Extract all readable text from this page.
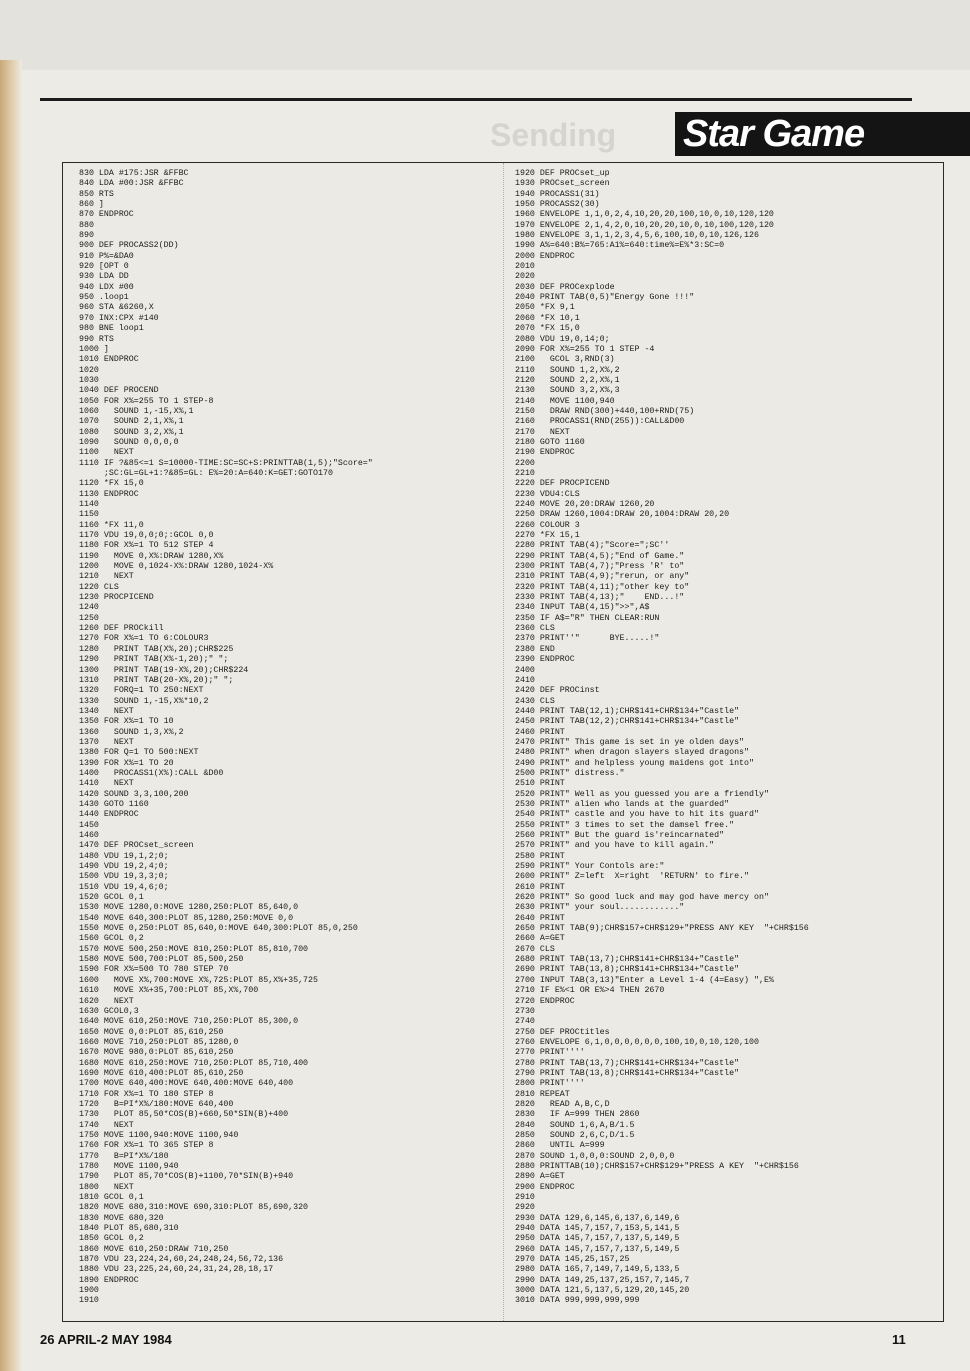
Sending	Star Game
830 LDA #175:JSR &FFBC
840 LDA #00:JSR &FFBC
850 RTS
860 ]
870 ENDPROC
880
890
900 DEF PROCASS2(DD)
910 P%=&DA0
920 [OPT 0
930 LDA DD
940 LDX #00
950 .loop1
960 STA &6260,X
970 INX:CPX #140
980 BNE loop1
990 RTS
1000 ]
1010 ENDPROC
1020
1030
1040 DEF PROCEND
1050 FOR X%=255 TO 1 STEP-8
1060   SOUND 1,-15,X%,1
1070   SOUND 2,1,X%,1
1080   SOUND 3,2,X%,1
1090   SOUND 0,0,0,0
1100   NEXT
1110 IF ?&85<=1 S=10000-TIME:SC=SC+S:PRINTTAB(1,5);"Score="
;SC:GL=GL+1:?&85=GL: E%=20:A=640:K=GET:GOTO170
1120 *FX 15,0
1130 ENDPROC
1140
1150
1160 *FX 11,0
1170 VDU 19,0,0;0;:GCOL 0,0
1180 FOR X%=1 TO 512 STEP 4
1190   MOVE 0,X%:DRAW 1280,X%
1200   MOVE 0,1024-X%:DRAW 1280,1024-X%
1210   NEXT
1220 CLS
1230 PROCPICEND
1240
1250
1260 DEF PROCkill
1270 FOR X%=1 TO 6:COLOUR3
1280   PRINT TAB(X%,20);CHR$225
1290   PRINT TAB(X%-1,20);" ";
1300   PRINT TAB(19-X%,20);CHR$224
1310   PRINT TAB(20-X%,20);" ";
1320   FORQ=1 TO 250:NEXT
1330   SOUND 1,-15,X%*10,2
1340   NEXT
1350 FOR X%=1 TO 10
1360   SOUND 1,3,X%,2
1370   NEXT
1380 FOR Q=1 TO 500:NEXT
1390 FOR X%=1 TO 20
1400   PROCASS1(X%):CALL &D00
1410   NEXT
1420 SOUND 3,3,100,200
1430 GOTO 1160
1440 ENDPROC
1450
1460
1470 DEF PROCset_screen
1480 VDU 19,1,2;0;
1490 VDU 19,2,4;0;
1500 VDU 19,3,3;0;
1510 VDU 19,4,6;0;
1520 GCOL 0,1
1530 MOVE 1280,0:MOVE 1280,250:PLOT 85,640,0
1540 MOVE 640,300:PLOT 85,1280,250:MOVE 0,0
1550 MOVE 0,250:PLOT 85,640,0:MOVE 640,300:PLOT 85,0,250
1560 GCOL 0,2
1570 MOVE 500,250:MOVE 810,250:PLOT 85,810,700
1580 MOVE 500,700:PLOT 85,500,250
1590 FOR X%=500 TO 780 STEP 70
1600   MOVE X%,700:MOVE X%,725:PLOT 85,X%+35,725
1610   MOVE X%+35,700:PLOT 85,X%,700
1620   NEXT
1630 GCOL0,3
1640 MOVE 610,250:MOVE 710,250:PLOT 85,300,0
1650 MOVE 0,0:PLOT 85,610,250
1660 MOVE 710,250:PLOT 85,1280,0
1670 MOVE 980,0:PLOT 85,610,250
1680 MOVE 610,250:MOVE 710,250:PLOT 85,710,400
1690 MOVE 610,400:PLOT 85,610,250
1700 MOVE 640,400:MOVE 640,400:MOVE 640,400
1710 FOR X%=1 TO 180 STEP 8
1720   B=PI*X%/180:MOVE 640,400
1730   PLOT 85,50*COS(B)+660,50*SIN(B)+400
1740   NEXT
1750 MOVE 1100,940:MOVE 1100,940
1760 FOR X%=1 TO 365 STEP 8
1770   B=PI*X%/180
1780   MOVE 1100,940
1790   PLOT 85,70*COS(B)+1100,70*SIN(B)+940
1800   NEXT
1810 GCOL 0,1
1820 MOVE 680,310:MOVE 690,310:PLOT 85,690,320
1830 MOVE 680,320
1840 PLOT 85,680,310
1850 GCOL 0,2
1860 MOVE 610,250:DRAW 710,250
1870 VDU 23,224,24,60,24,248,24,56,72,136
1880 VDU 23,225,24,60,24,31,24,28,18,17
1890 ENDPROC
1900
1910
1920 DEF PROCset_up
1930 PROCset_screen
1940 PROCASS1(31)
1950 PROCASS2(30)
1960 ENVELOPE 1,1,0,2,4,10,20,20,100,10,0,10,120,120
1970 ENVELOPE 2,1,4,2,0,10,20,20,10,0,10,100,120,120
1980 ENVELOPE 3,1,1,2,3,4,5,6,100,10,0,10,126,126
1990 A%=640:B%=765:A1%=640:time%=E%*3:SC=0
2000 ENDPROC
2010
2020
2030 DEF PROCexplode
2040 PRINT TAB(0,5)"Energy Gone !!!"
2050 *FX 9,1
2060 *FX 10,1
2070 *FX 15,0
2080 VDU 19,0,14;0;
2090 FOR X%=255 TO 1 STEP -4
2100   GCOL 3,RND(3)
2110   SOUND 1,2,X%,2
2120   SOUND 2,2,X%,1
2130   SOUND 3,2,X%,3
2140   MOVE 1100,940
2150   DRAW RND(300)+440,100+RND(75)
2160   PROCASS1(RND(255)):CALL&D00
2170   NEXT
2180 GOTO 1160
2190 ENDPROC
2200
2210
2220 DEF PROCPICEND
2230 VDU4:CLS
2240 MOVE 20,20:DRAW 1260,20
2250 DRAW 1260,1004:DRAW 20,1004:DRAW 20,20
2260 COLOUR 3
2270 *FX 15,1
2280 PRINT TAB(4);"Score=";SC''
2290 PRINT TAB(4,5);"End of Game."
2300 PRINT TAB(4,7);"Press 'R' to"
2310 PRINT TAB(4,9);"rerun, or any"
2320 PRINT TAB(4,11);"other key to"
2330 PRINT TAB(4,13);"    END...!"
2340 INPUT TAB(4,15)">>",A$
2350 IF A$="R" THEN CLEAR:RUN
2360 CLS
2370 PRINT''"      BYE.....!"
2380 END
2390 ENDPROC
2400
2410
2420 DEF PROCinst
2430 CLS
2440 PRINT TAB(12,1);CHR$141+CHR$134+"Castle"
2450 PRINT TAB(12,2);CHR$141+CHR$134+"Castle"
2460 PRINT
2470 PRINT" This game is set in ye olden days"
2480 PRINT" when dragon slayers slayed dragons"
2490 PRINT" and helpless young maidens got into"
2500 PRINT" distress."
2510 PRINT
2520 PRINT" Well as you guessed you are a friendly"
2530 PRINT" alien who lands at the guarded"
2540 PRINT" castle and you have to hit its guard"
2550 PRINT" 3 times to set the damsel free."
2560 PRINT" But the guard is'reincarnated"
2570 PRINT" and you have to kill again."
2580 PRINT
2590 PRINT" Your Contols are:"
2600 PRINT" Z=left  X=right  'RETURN' to fire."
2610 PRINT
2620 PRINT" So good luck and may god have mercy on"
2630 PRINT" your soul............"
2640 PRINT
2650 PRINT TAB(9);CHR$157+CHR$129+"PRESS ANY KEY  "+CHR$156
2660 A=GET
2670 CLS
2680 PRINT TAB(13,7);CHR$141+CHR$134+"Castle"
2690 PRINT TAB(13,8);CHR$141+CHR$134+"Castle"
2700 INPUT TAB(3,13)"Enter a Level 1-4 (4=Easy) ",E%
2710 IF E%<1 OR E%>4 THEN 2670
2720 ENDPROC
2730
2740
2750 DEF PROCtitles
2760 ENVELOPE 6,1,0,0,0,0,0,0,100,10,0,10,120,100
2770 PRINT''''
2780 PRINT TAB(13,7);CHR$141+CHR$134+"Castle"
2790 PRINT TAB(13,8);CHR$141+CHR$134+"Castle"
2800 PRINT''''
2810 REPEAT
2820   READ A,B,C,D
2830   IF A=999 THEN 2860
2840   SOUND 1,6,A,B/1.5
2850   SOUND 2,6,C,D/1.5
2860   UNTIL A=999
2870 SOUND 1,0,0,0:SOUND 2,0,0,0
2880 PRINTTAB(10);CHR$157+CHR$129+"PRESS A KEY  "+CHR$156
2890 A=GET
2900 ENDPROC
2910
2920
2930 DATA 129,6,145,6,137,6,149,6
2940 DATA 145,7,157,7,153,5,141,5
2950 DATA 145,7,157,7,137,5,149,5
2960 DATA 145,7,157,7,137,5,149,5
2970 DATA 145,25,157,25
2980 DATA 165,7,149,7,149,5,133,5
2990 DATA 149,25,137,25,157,7,145,7
3000 DATA 121,5,137,5,129,20,145,20
3010 DATA 999,999,999,999
26 APRIL-2 MAY 1984	11
